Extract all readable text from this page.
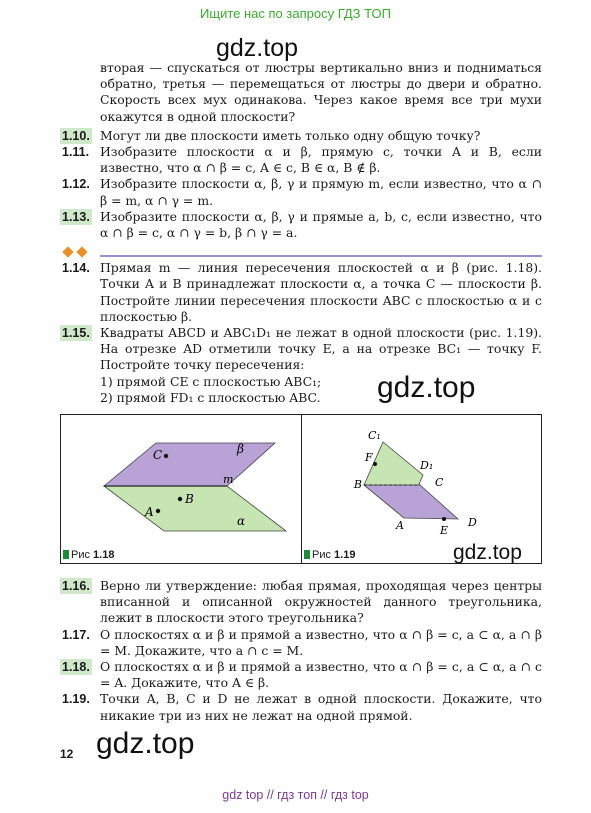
Ищите нас по запросу ГДЗ ТОП
gdz.top
вторая — спускаться от люстры вертикально вниз и подниматься обратно, третья — перемещаться от люстры до двери и обратно. Скорость всех мух одинакова. Через какое время все три мухи окажутся в одной плоскости?
1.10. Могут ли две плоскости иметь только одну общую точку?
1.11. Изобразите плоскости α и β, прямую c, точки A и B, если известно, что α ∩ β = c, A ∈ c, B ∈ α, B ∉ β.
1.12. Изобразите плоскости α, β, γ и прямую m, если известно, что α ∩ β = m, α ∩ γ = m.
1.13. Изобразите плоскости α, β, γ и прямые a, b, c, если известно, что α ∩ β = c, α ∩ γ = b, β ∩ γ = a.
1.14. Прямая m — линия пересечения плоскостей α и β (рис. 1.18). Точки A и B принадлежат плоскости α, а точка C — плоскости β. Постройте линии пересечения плоскости ABC с плоскостью α и с плоскостью β.
1.15. Квадраты ABCD и ABC₁D₁ не лежат в одной плоскости (рис. 1.19). На отрезке AD отметили точку E, а на отрезке BC₁ — точку F. Постройте точку пересечения:
1) прямой CE с плоскостью ABC₁;
2) прямой FD₁ с плоскостью ABC.	gdz.top
C	β
m
B
A
α
Рис 1.18
C₁
F
D₁
B	C
A	E
D
Рис 1.19	gdz.top
1.16. Верно ли утверждение: любая прямая, проходящая через центры вписанной и описанной окружностей данного треугольника, лежит в плоскости этого треугольника?
1.17. О плоскостях α и β и прямой a известно, что α ∩ β = c, a ⊂ α, a ∩ β = M. Докажите, что a ∩ c = M.
1.18. О плоскостях α и β и прямой a известно, что α ∩ β = c, a ⊂ α, a ∩ c = A. Докажите, что A ∈ β.
1.19. Точки A, B, C и D не лежат в одной плоскости. Докажите, что никакие три из них не лежат на одной прямой.
gdz.top
12
gdz top // гдз топ // гдз top
